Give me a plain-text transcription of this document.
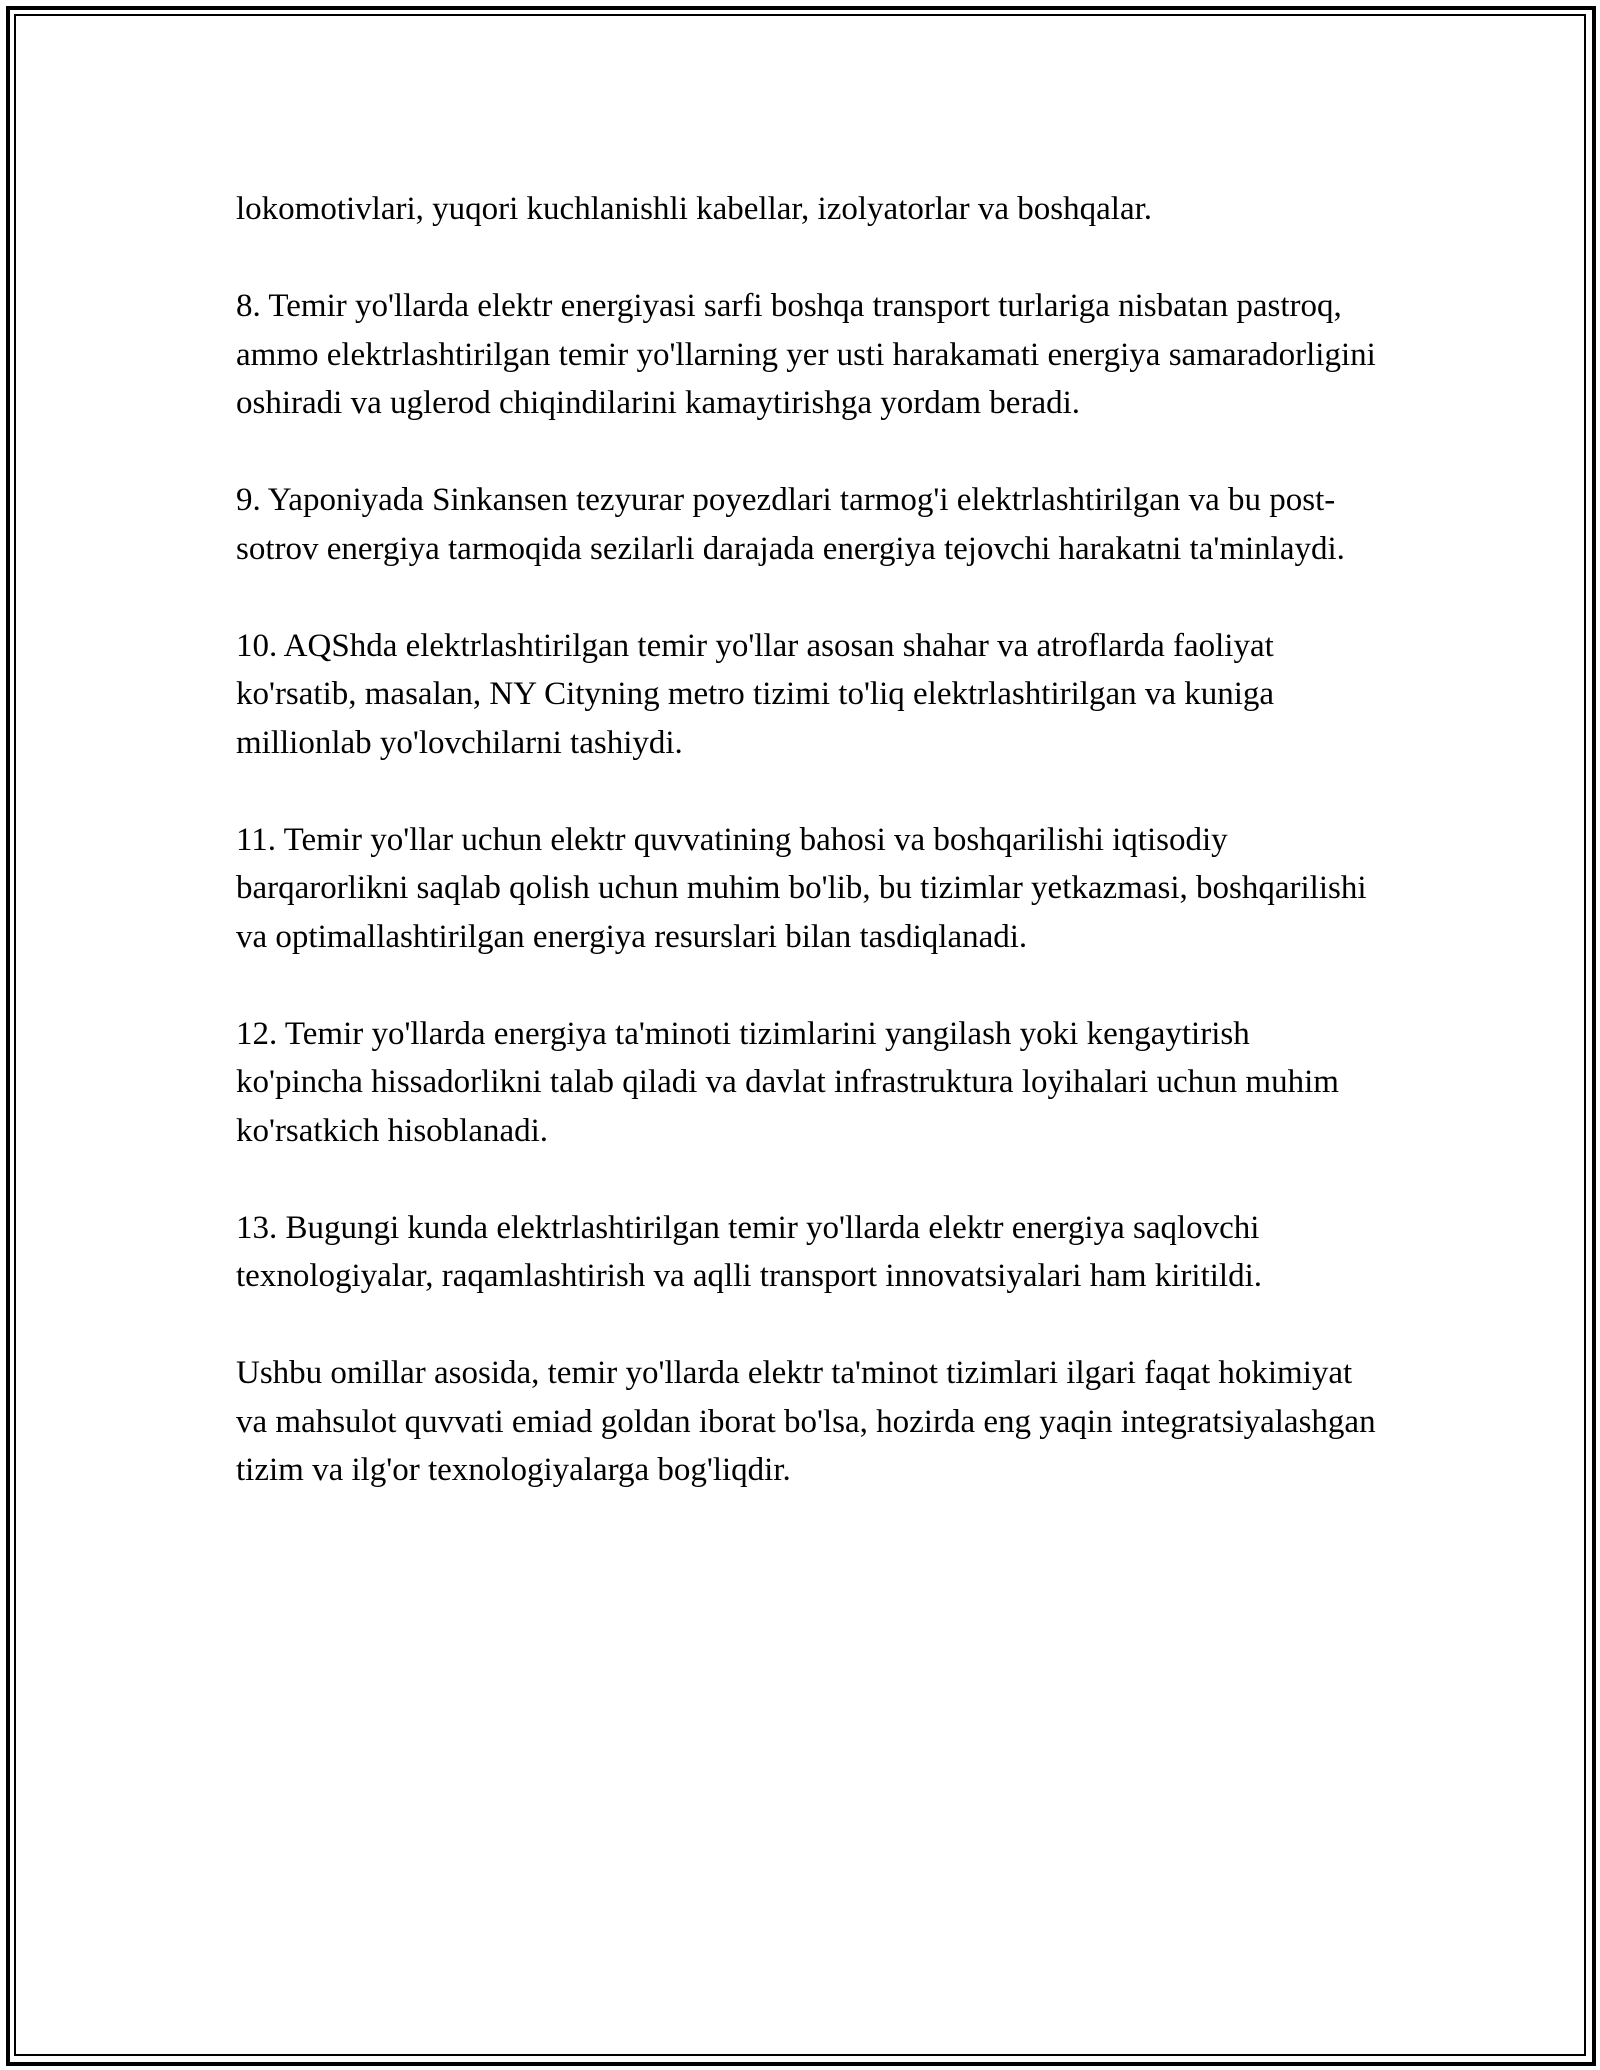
lokomotivlari, yuqori kuchlanishli kabellar, izolyatorlar va boshqalar.

8. Temir yo'llarda elektr energiyasi sarfi boshqa transport turlariga nisbatan pastroq, ammo elektrlashtirilgan temir yo'llarning yer usti harakamati energiya samaradorligini oshiradi va uglerod chiqindilarini kamaytirishga yordam beradi.

9. Yaponiyada Sinkansen tezyurar poyezdlari tarmog'i elektrlashtirilgan va bu post-sotrov energiya tarmoqida sezilarli darajada energiya tejovchi harakatni ta'minlaydi.

10. AQShda elektrlashtirilgan temir yo'llar asosan shahar va atroflarda faoliyat ko'rsatib, masalan, NY Cityning metro tizimi to'liq elektrlashtirilgan va kuniga millionlab yo'lovchilarni tashiydi.

11. Temir yo'llar uchun elektr quvvatining bahosi va boshqarilishi iqtisodiy barqarorlikni saqlab qolish uchun muhim bo'lib, bu tizimlar yetkazmasi, boshqarilishi va optimallashtirilgan energiya resurslari bilan tasdiqlanadi.

12. Temir yo'llarda energiya ta'minoti tizimlarini yangilash yoki kengaytirish ko'pincha hissadorlikni talab qiladi va davlat infrastruktura loyihalari uchun muhim ko'rsatkich hisoblanadi.

13. Bugungi kunda elektrlashtirilgan temir yo'llarda elektr energiya saqlovchi texnologiyalar, raqamlashtirish va aqlli transport innovatsiyalari ham kiritildi.

Ushbu omillar asosida, temir yo'llarda elektr ta'minot tizimlari ilgari faqat hokimiyat va mahsulot quvvati emiad goldan iborat bo'lsa, hozirda eng yaqin integratsiyalashgan tizim va ilg'or texnologiyalarga bog'liqdir.
